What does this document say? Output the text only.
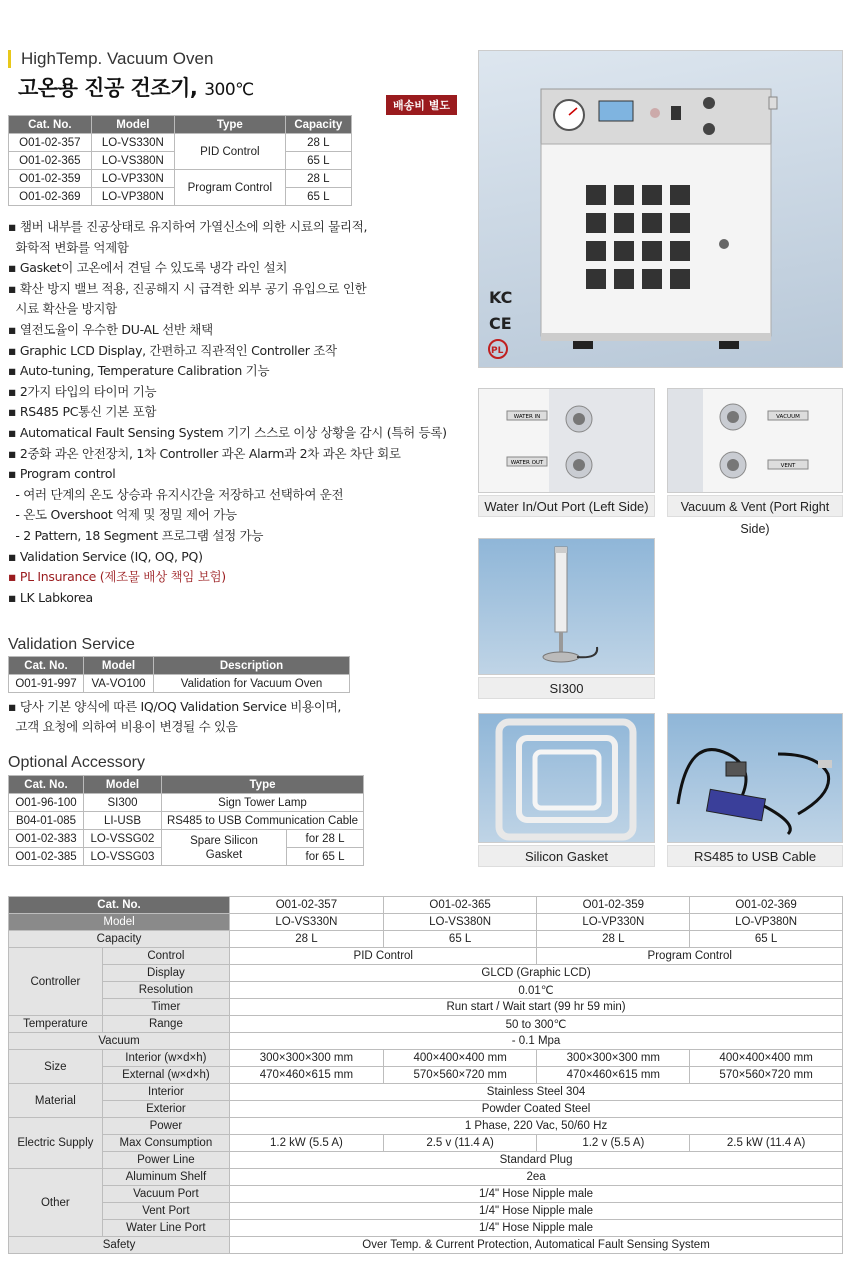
HighTemp. Vacuum Oven
고온용 진공 건조기, 300℃
배송비 별도
Cat. No.	Model	Type	Capacity
O01-02-357	LO-VS330N	PID Control	28 L
O01-02-365	LO-VS380N		65 L
O01-02-359	LO-VP330N	Program Control	28 L
O01-02-369	LO-VP380N		65 L
▪ 챔버 내부를 진공상태로 유지하여 가열신소에 의한 시료의 물리적,
화학적 변화를 억제함
▪ Gasket이 고온에서 견딜 수 있도록 냉각 라인 설치
▪ 확산 방지 밸브 적용, 진공해지 시 급격한 외부 공기 유입으로 인한
시료 확산을 방지함
▪ 열전도율이 우수한 DU-AL 선반 채택
▪ Graphic LCD Display, 간편하고 직관적인 Controller 조작
▪ Auto-tuning, Temperature Calibration 기능
▪ 2가지 타입의 타이머 기능
▪ RS485 PC통신 기본 포함
▪ Automatical Fault Sensing System 기기 스스로 이상 상황을 감시 (특허 등록)
▪ 2중화 과온 안전장치, 1차 Controller 과온 Alarm과 2차 과온 차단 회로
▪ Program control
- 여러 단계의 온도 상승과 유지시간을 저장하고 선택하여 운전
- 온도 Overshoot 억제 및 정밀 제어 가능
- 2 Pattern, 18 Segment 프로그램 설정 가능
▪ Validation Service (IQ, OQ, PQ)
▪ PL Insurance (제조물 배상 책임 보험)
▪ LK Labkorea
Validation Service
Cat. No.	Model	Description
O01-91-997	VA-VO100	Validation for Vacuum Oven
▪ 당사 기본 양식에 따른 IQ/OQ Validation Service 비용이며,
고객 요청에 의하여 비용이 변경될 수 있음
Optional Accessory
Cat. No.	Model	Type	
O01-96-100	SI300	Sign Tower Lamp	
B04-01-085	LI-USB	RS485 to USB Communication Cable	
O01-02-383	LO-VSSG02	Spare Silicon
Gasket	for 28 L
O01-02-385	LO-VSSG03		for 65 L
KC
CE
PL
WATER IN
WATER OUT
Water In/Out Port (Left Side)
VACUUM
VENT
Vacuum & Vent (Port Right Side)
SI300
Silicon Gasket	RS485 to USB Cable
Cat. No.		O01-02-357	O01-02-365	O01-02-359	O01-02-369
Model		LO-VS330N	LO-VS380N	LO-VP330N	LO-VP380N
Capacity		28 L	65 L	28 L	65 L
Controller	Control	PID Control		Program Control	
	Display	GLCD (Graphic LCD)			
	Resolution	0.01℃			
	Timer	Run start / Wait start (99 hr 59 min)			
Temperature	Range	50 to 300℃			
Vacuum		- 0.1 Mpa			
Size	Interior (w×d×h)	300×300×300 mm	400×400×400 mm	300×300×300 mm	400×400×400 mm
	External (w×d×h)	470×460×615 mm	570×560×720 mm	470×460×615 mm	570×560×720 mm
Material	Interior	Stainless Steel 304			
	Exterior	Powder Coated Steel			
Electric Supply	Power	1 Phase, 220 Vac, 50/60 Hz			
	Max Consumption	1.2 kW (5.5 A)	2.5 v (11.4 A)	1.2 v (5.5 A)	2.5 kW (11.4 A)
	Power Line	Standard Plug			
Other	Aluminum Shelf	2ea			
	Vacuum Port	1/4" Hose Nipple male			
	Vent Port	1/4" Hose Nipple male			
	Water Line Port	1/4" Hose Nipple male			
Safety		Over Temp. & Current Protection, Automatical Fault Sensing System			
